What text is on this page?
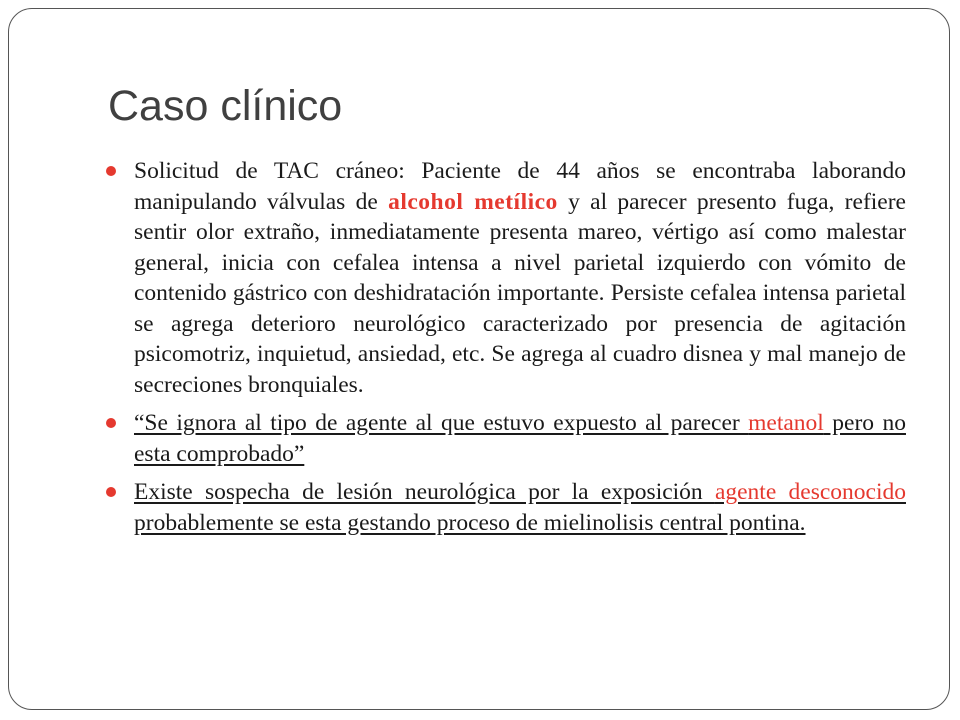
Caso clínico

Solicitud de TAC cráneo: Paciente de 44 años se encontraba laborando manipulando válvulas de alcohol metílico y al parecer presento fuga, refiere sentir olor extraño, inmediatamente presenta mareo, vértigo así como malestar general, inicia con cefalea intensa a nivel parietal izquierdo con vómito de contenido gástrico con deshidratación importante. Persiste cefalea intensa parietal se agrega deterioro neurológico caracterizado por presencia de agitación psicomotriz, inquietud, ansiedad, etc. Se agrega al cuadro disnea y mal manejo de secreciones bronquiales.

“Se ignora al tipo de agente al que estuvo expuesto al parecer metanol pero no esta comprobado”

Existe sospecha de lesión neurológica por la exposición agente desconocido probablemente se esta gestando proceso de mielinolisis central pontina.
